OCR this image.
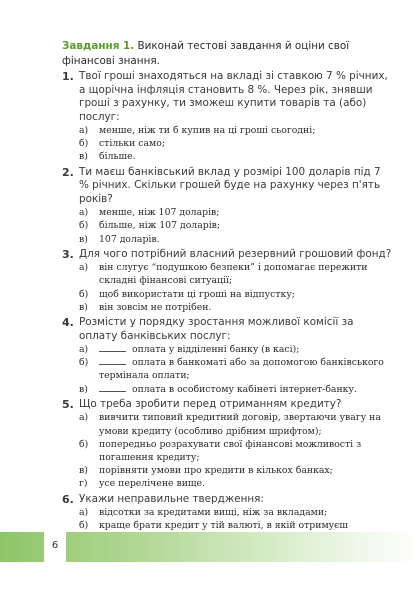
Завдання 1. Виконай тестові завдання й оціни свої фінансові знання.
1. Твої гроші знаходяться на вкладі зі ставкою 7 % річних, а щорічна інфляція становить 8 %. Через рік, знявши гроші з рахунку, ти зможеш купити товарів та (або) послуг:
а) менше, ніж ти б купив на ці гроші сьогодні;
б) стільки само;
в) більше.
2. Ти маєш банківський вклад у розмірі 100 доларів під 7 % річних. Скільки грошей буде на рахунку через п'ять років?
а) менше, ніж 107 доларів;
б) більше, ніж 107 доларів;
в) 107 доларів.
3. Для чого потрібний власний резервний грошовий фонд?
а) він слугує “подушкою безпеки” і допомагає пережити складні фінансові ситуації;
б) щоб використати ці гроші на відпустку;
в) він зовсім не потрібен.
4. Розмісти у порядку зростання можливої комісії за оплату банківських послуг:
а)	оплата у відділенні банку (в касі);
б)	оплата в банкоматі або за допомогою банківського термінала оплати;
в)	оплата в особистому кабінеті інтернет-банку.
5. Що треба зробити перед отриманням кредиту?
а) вивчити типовий кредитний договір, звертаючи увагу на умови кредиту (особливо дрібним шрифтом);
б) попередньо розрахувати свої фінансові можливості з погашення кредиту;
в) порівняти умови про кредити в кількох банках;
г) усе перелічене вище.
6. Укажи неправильне твердження:
а) відсотки за кредитами вищі, ніж за вкладами;
б) краще брати кредит у тій валюті, в якій отримуєш
6
